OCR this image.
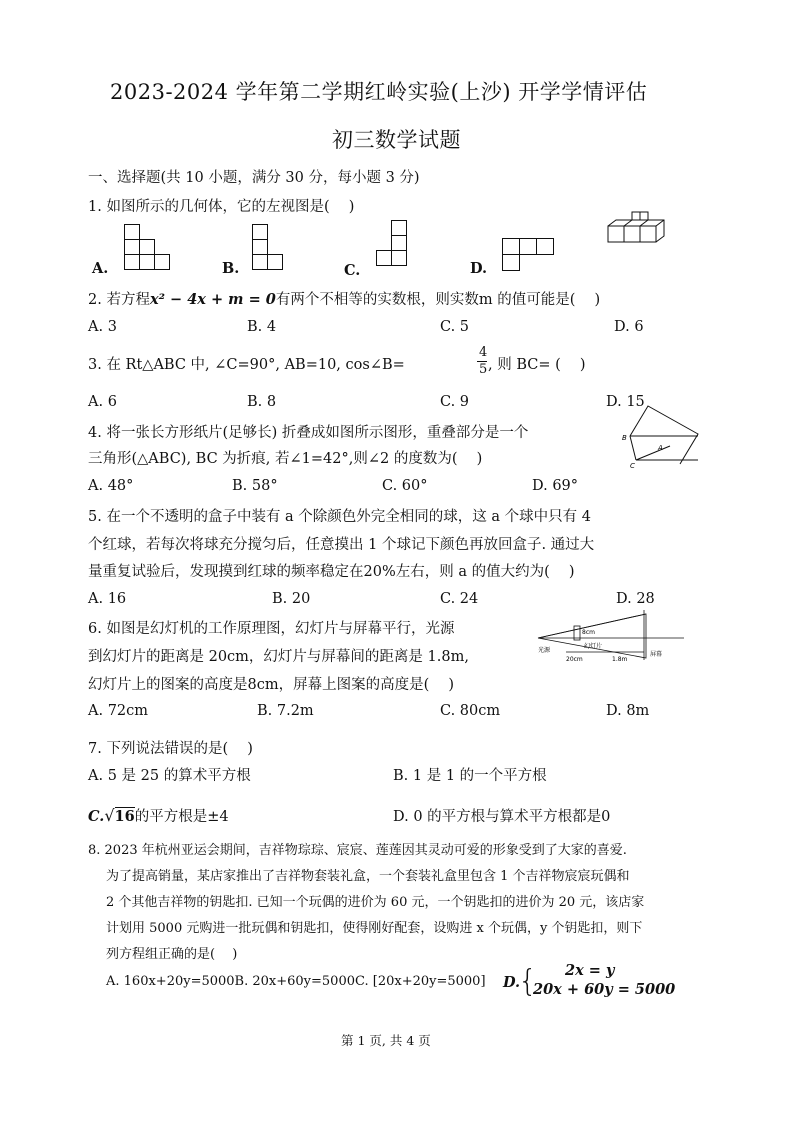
2023-2024 学年第二学期红岭实验(上沙) 开学学情评估
初三数学试题
一、选择题(共 10 小题，满分 30 分，每小题 3 分)
1. 如图所示的几何体，它的左视图是(　 )
A.	B.	C.	D.
2. 若方程x² − 4x + m = 0有两个不相等的实数根，则实数m 的值可能是(　 )
A. 3	B. 4	C. 5	D. 6
3. 在 Rt△ABC 中, ∠C=90°, AB=10, cos∠B=
4
5 , 则 BC= (　 )
A. 6	B. 8	C. 9	D. 15
4. 将一张长方形纸片(足够长) 折叠成如图所示图形，重叠部分是一个
三角形(△ABC), BC 为折痕, 若∠1=42°,则∠2 的度数为(　 )
B
A
C
A. 48°	B. 58°	C. 60°	D. 69°
5. 在一个不透明的盒子中装有 a 个除颜色外完全相同的球，这 a 个球中只有 4
个红球，若每次将球充分搅匀后，任意摸出 1 个球记下颜色再放回盒子. 通过大
量重复试验后，发现摸到红球的频率稳定在20%左右，则 a 的值大约为(　 )
A. 16	B. 20	C. 24	D. 28
6. 如图是幻灯机的工作原理图，幻灯片与屏幕平行，光源
到幻灯片的距离是 20cm，幻灯片与屏幕间的距离是 1.8m,
幻灯片上的图案的高度是8cm，屏幕上图案的高度是(　 )
光源
幻灯片
屏幕
20cm	1.8m
8cm
A. 72cm	B. 7.2m	C. 80cm	D. 8m
7. 下列说法错误的是(　 )
A. 5 是 25 的算术平方根	B. 1 是 1 的一个平方根
C.√16的平方根是±4	D. 0 的平方根与算术平方根都是0
8. 2023 年杭州亚运会期间，吉祥物琮琮、宸宸、莲莲因其灵动可爱的形象受到了大家的喜爱.
为了提高销量，某店家推出了吉祥物套装礼盒，一个套装礼盒里包含 1 个吉祥物宸宸玩偶和
2 个其他吉祥物的钥匙扣. 已知一个玩偶的进价为 60 元，一个钥匙扣的进价为 20 元，该店家
计划用 5000 元购进一批玩偶和钥匙扣，使得刚好配套，设购进 x 个玩偶，y 个钥匙扣，则下
列方程组正确的是(　 )
A. 160x+20y=5000B. 20x+60y=5000C. [20x+20y=5000] D.
{ 2x = y
20x + 60y = 5000
第 1 页, 共 4 页
